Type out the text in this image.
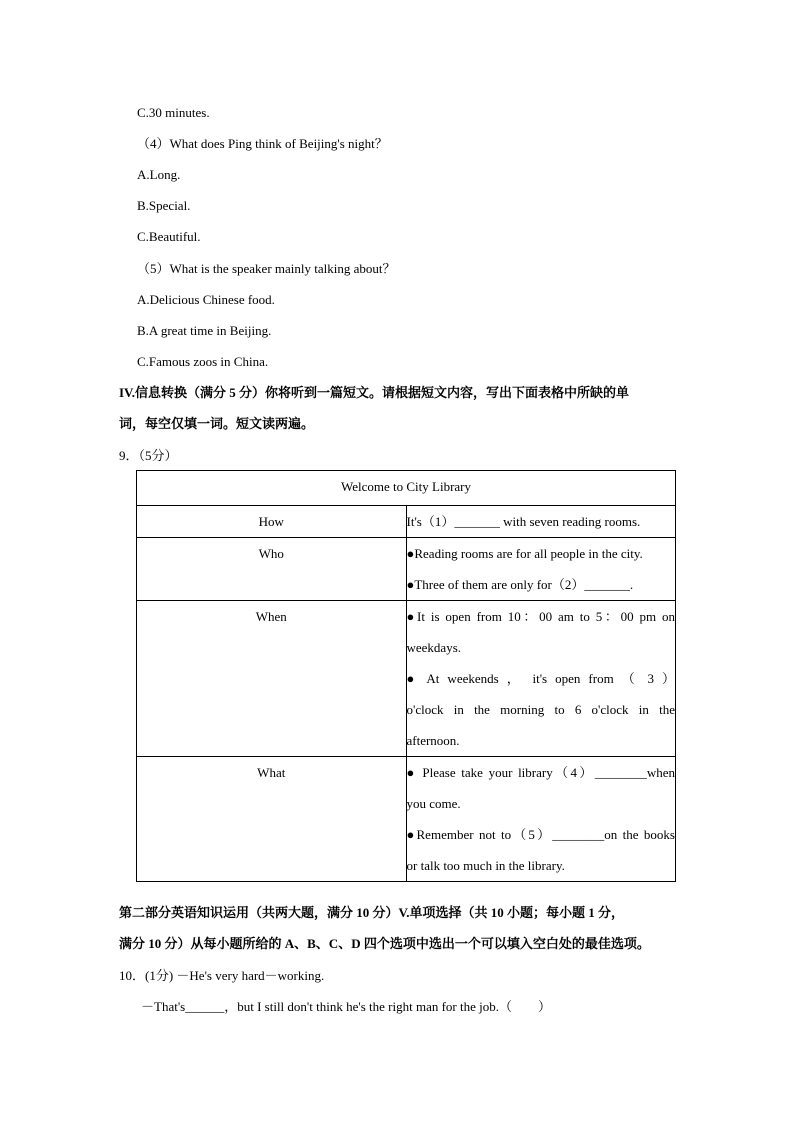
C.30 minutes.
（4）What does Ping think of Beijing's night？
A.Long.
B.Special.
C.Beautiful.
（5）What is the speaker mainly talking about？
A.Delicious Chinese food.
B.A great time in Beijing.
C.Famous zoos in China.
IV.信息转换（满分 5 分）你将听到一篇短文。请根据短文内容，写出下面表格中所缺的单
词，每空仅填一词。短文读两遍。
9．（5分）
Welcome to City Library	

How	It's（1）_______ with seven reading rooms.

Who	●Reading rooms are for all people in the city.
●Three of them are only for（2）_______.

When	●It is open from 10：00 am to 5：00 pm on
weekdays.
● At weekends ， it's open from （ 3 ）
o'clock in the morning to 6 o'clock in the
afternoon.

What	● Please take your library（4）________when
you come.
●Remember not to（5）________on the books
or talk too much in the library.
第二部分英语知识运用（共两大题，满分 10 分）V.单项选择（共 10 小题；每小题 1 分，
满分 10 分）从每小题所给的 A、B、C、D 四个选项中选出一个可以填入空白处的最佳选项。
10．(1分) －He's very hard－working.
－That's______，but I still don't think he's the right man for the job.（　　）
